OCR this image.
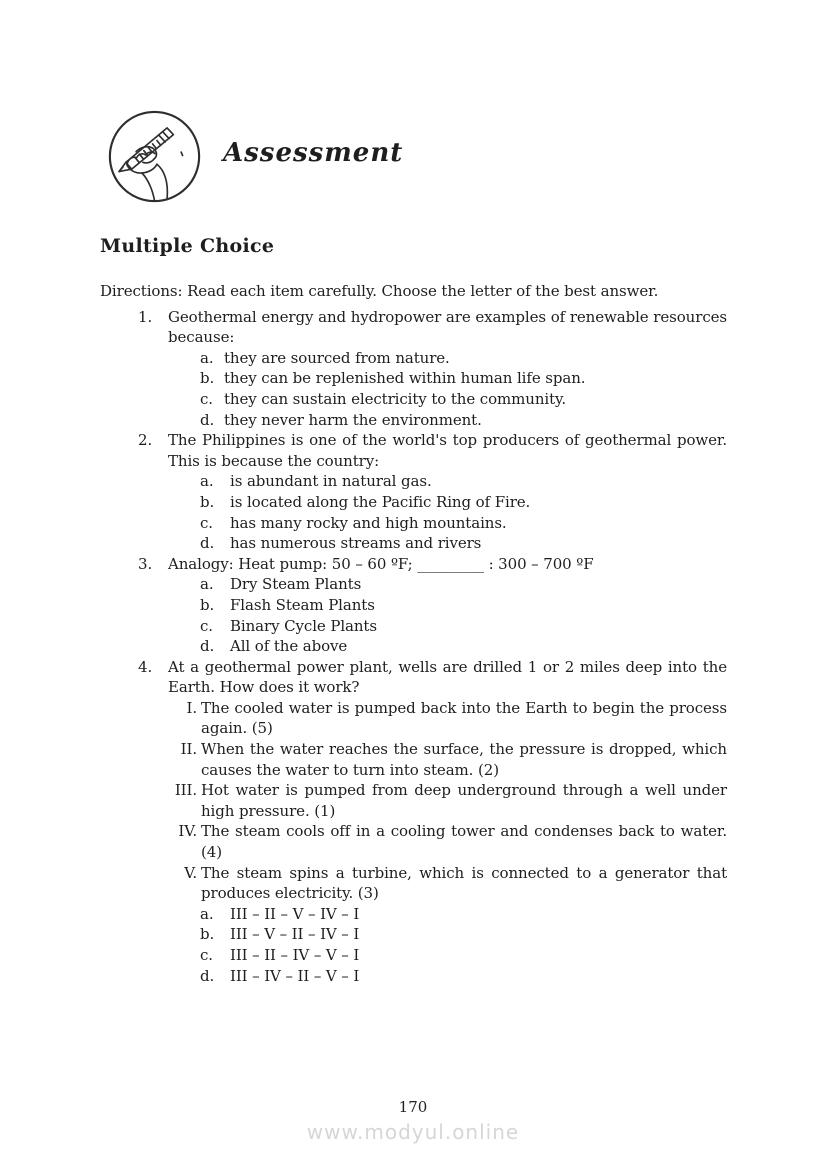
Assessment
Multiple Choice

Directions: Read each item carefully. Choose the letter of the best answer.

1.	Geothermal energy and hydropower are examples of renewable resources because:

a. they are sourced from nature.
b. they can be replenished within human life span.
c. they can sustain electricity to the community.
d. they never harm the environment.
2.	The Philippines is one of the world's top producers of geothermal power. This is because the country:

a.	is abundant in natural gas.
b.	is located along the Pacific Ring of Fire.
c.	has many rocky and high mountains.
d.	has numerous streams and rivers
3.	Analogy: Heat pump: 50 – 60 ºF; _________ : 300 – 700 ºF

a.	Dry Steam Plants
b.	Flash Steam Plants
c.	Binary Cycle Plants
d.	All of the above
4.	At a geothermal power plant, wells are drilled 1 or 2 miles deep into the Earth. How does it work?

I. The cooled water is pumped back into the Earth to begin the process again. (5)
II. When the water reaches the surface, the pressure is dropped, which causes the water to turn into steam. (2)
III. Hot water is pumped from deep underground through a well under high pressure. (1)
IV. The steam cools off in a cooling tower and condenses back to water. (4)
V. The steam spins a turbine, which is connected to a generator that produces electricity. (3)
a.	III – II – V – IV – I
b.	III – V – II – IV – I
c.	III – II – IV – V – I
d.	III – IV – II – V – I
170
www.modyul.online
